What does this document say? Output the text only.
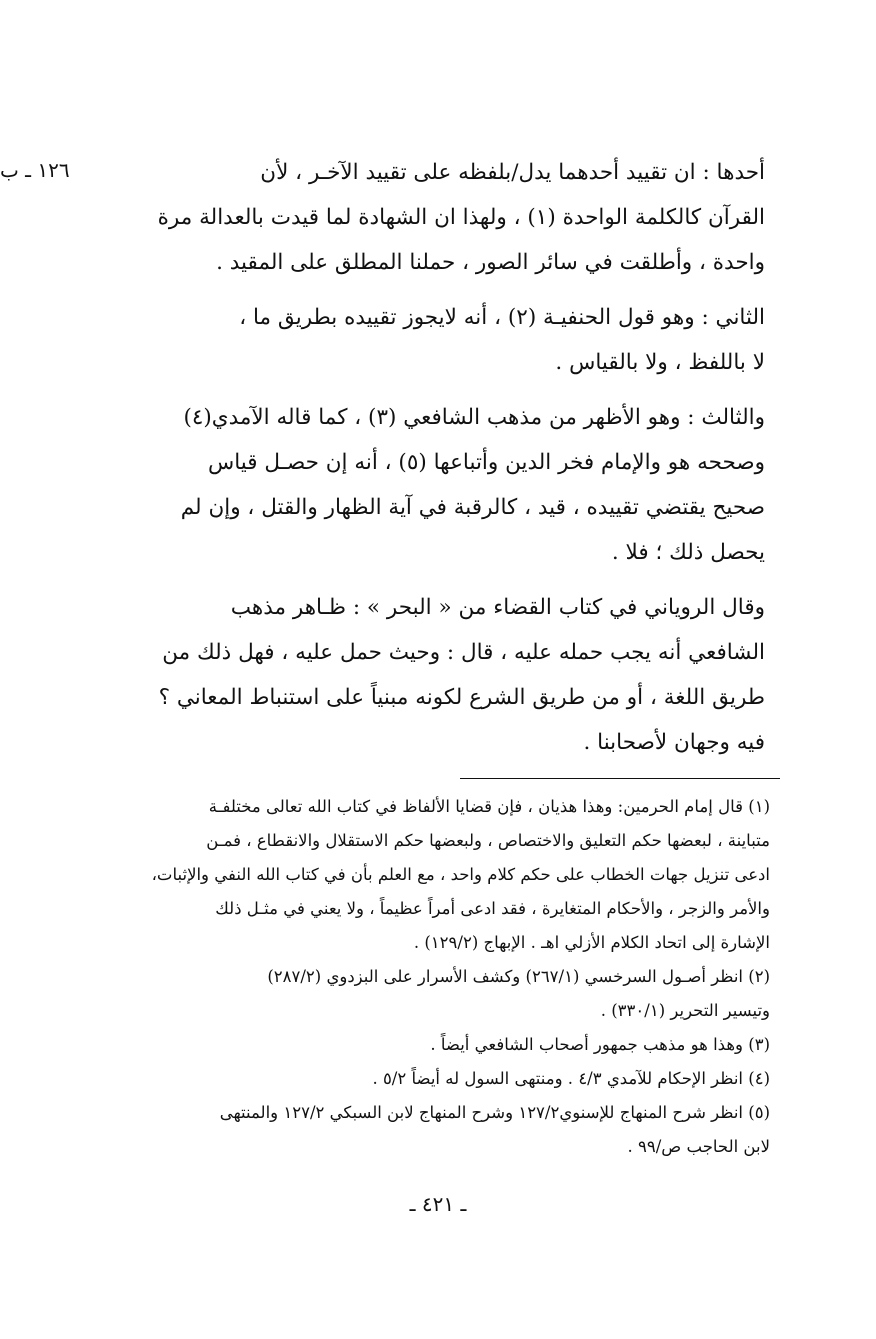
١٢٦ ـ ب	أحدها : ان تقييد أحدهما يدل/بلفظه على تقييد الآخـر ، لأن
القرآن كالكلمة الواحدة (١) ، ولهذا ان الشهادة لما قيدت بالعدالة مرة
واحدة ، وأطلقت في سائر الصور ، حملنا المطلق على المقيد .
الثاني : وهو قول الحنفيـة (٢) ، أنه لايجوز تقييده بطريق ما ،
لا باللفظ ، ولا بالقياس .
والثالث : وهو الأظهر من مذهب الشافعي (٣) ، كما قاله الآمدي(٤)
وصححه هو والإمام فخر الدين وأتباعها (٥) ، أنه إن حصـل قياس
صحيح يقتضي تقييده ، قيد ، كالرقبة في آية الظهار والقتل ، وإن لم
يحصل ذلك ؛ فلا .
وقال الروياني في كتاب القضاء من « البحر » : ظـاهر مذهب
الشافعي أنه يجب حمله عليه ، قال : وحيث حمل عليه ، فهل ذلك من
طريق اللغة ، أو من طريق الشرع لكونه مبنياً على استنباط المعاني ؟
فيه وجهان لأصحابنا .
(١) قال إمام الحرمين: وهذا هذيان ، فإن قضايا الألفاظ في كتاب الله تعالى مختلفـة
متباينة ، لبعضها حكم التعليق والاختصاص ، ولبعضها حكم الاستقلال والانقطاع ، فمـن
ادعى تنزيل جهات الخطاب على حكم كلام واحد ، مع العلم بأن في كتاب الله النفي والإثبات،
والأمر والزجر ، والأحكام المتغايرة ، فقد ادعى أمراً عظيماً ، ولا يعني في مثـل ذلك
الإشارة إلى اتحاد الكلام الأزلي اهـ . الإبهاج (١٢٩/٢) .
(٢) انظر أصـول السرخسي (٢٦٧/١) وكشف الأسرار على البزدوي (٢٨٧/٢)
وتيسير التحرير (٣٣٠/١) .
(٣) وهذا هو مذهب جمهور أصحاب الشافعي أيضاً .
(٤) انظر الإحكام للآمدي ٤/٣ . ومنتهى السول له أيضاً ٥/٢ .
(٥) انظر شرح المنهاج للإسنوي١٢٧/٢ وشرح المنهاج لابن السبكي ١٢٧/٢ والمنتهى
لابن الحاجب ص/٩٩ .
ـ ٤٢١ ـ
